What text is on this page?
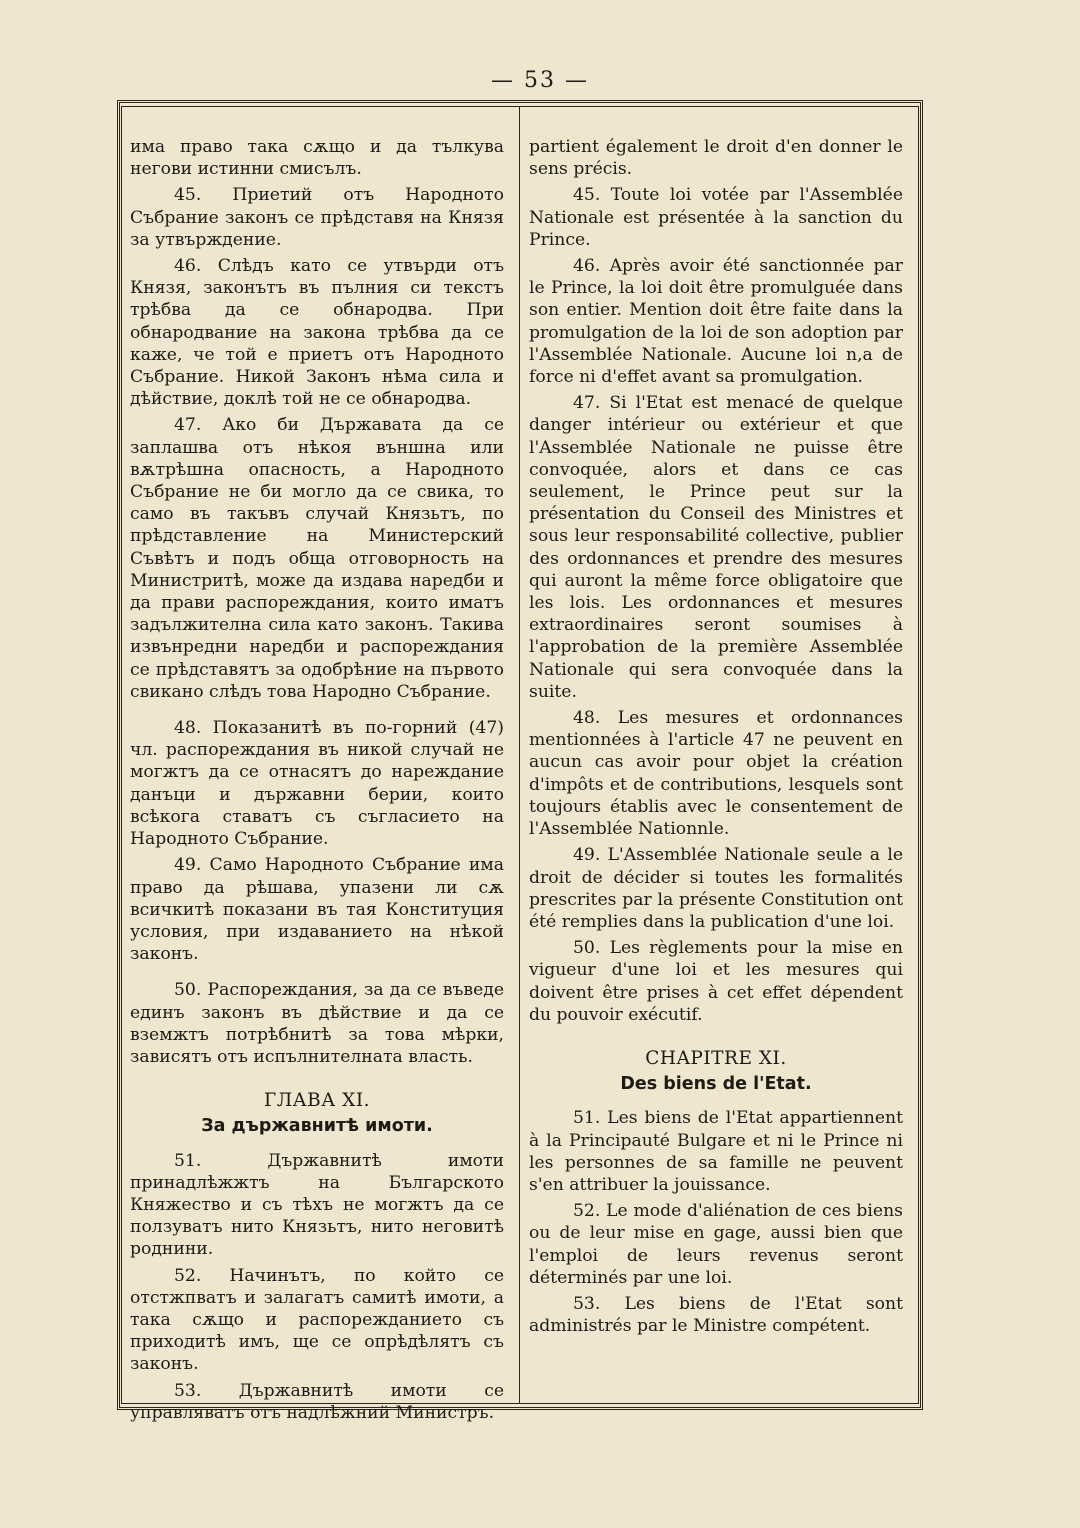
— 53 —

има право така сѫщо и да тълкува негови истинни смисълъ.

45. Приетий отъ Народното Събрание законъ се прѣдставя на Князя за утвърждение.

46. Слѣдъ като се утвърди отъ Князя, законътъ въ пълния си текстъ трѣбва да се обнародва. При обнародвание на закона трѣбва да се каже, че той е приетъ отъ Народното Събрание. Никой Законъ нѣма сила и дѣйствие, доклѣ той не се обнародва.

47. Ако би Държавата да се заплашва отъ нѣкоя външна или вѫтрѣшна опасность, а Народното Събрание не би могло да се свика, то само въ такъвъ случай Князьтъ, по прѣдставление на Министерский Съвѣтъ и подъ обща отговорность на Министритѣ, може да издава наредби и да прави распореждания, които иматъ задължителна сила като законъ. Такива извънредни наредби и распореждания се прѣдставятъ за одобрѣние на първото свикано слѣдъ това Народно Събрание.

48. Показанитѣ въ по-горний (47) чл. распореждания въ никой случай не могжтъ да се отнасятъ до нареждание данъци и държавни берии, които всѣкога ставатъ съ съгласието на Народното Събрание.

49. Само Народното Събрание има право да рѣшава, упазени ли сѫ всичкитѣ показани въ тая Конституция условия, при издаванието на нѣкой законъ.

50. Распореждания, за да се въведе единъ законъ въ дѣйствие и да се вземжтъ потрѣбнитѣ за това мѣрки, зависятъ отъ испълнителната власть.

ГЛАВА XI.
За държавнитѣ имоти.

51. Държавнитѣ имоти принадлѣжжтъ на Българското Княжество и съ тѣхъ не могжтъ да се ползуватъ нито Князьтъ, нито неговитѣ роднини.

52. Начинътъ, по който се отстжпватъ и залагатъ самитѣ имоти, а така сѫщо и распорежданието съ приходитѣ имъ, ще се опрѣдѣлятъ съ законъ.

53. Държавнитѣ имоти се управляватъ отъ надлѣжний Министръ.

partient également le droit d'en donner le sens précis.

45. Toute loi votée par l'Assemblée Nationale est présentée à la sanction du Prince.

46. Après avoir été sanctionnée par le Prince, la loi doit être promulguée dans son entier. Mention doit être faite dans la promulgation de la loi de son adoption par l'Assemblée Nationale. Aucune loi n,a de force ni d'effet avant sa promulgation.

47. Si l'Etat est menacé de quelque danger intérieur ou extérieur et que l'Assemblée Nationale ne puisse être convoquée, alors et dans ce cas seulement, le Prince peut sur la présentation du Conseil des Ministres et sous leur responsabilité collective, publier des ordonnances et prendre des mesures qui auront la même force obligatoire que les lois. Les ordonnances et mesures extraordinaires seront soumises à l'approbation de la première Assemblée Nationale qui sera convoquée dans la suite.

48. Les mesures et ordonnances mentionnées à l'article 47 ne peuvent en aucun cas avoir pour objet la création d'impôts et de contributions, lesquels sont toujours établis avec le consentement de l'Assemblée Nationnle.

49. L'Assemblée Nationale seule a le droit de décider si toutes les formalités prescrites par la présente Constitution ont été remplies dans la publication d'une loi.

50. Les règlements pour la mise en vigueur d'une loi et les mesures qui doivent être prises à cet effet dépendent du pouvoir exécutif.

CHAPITRE XI.
Des biens de l'Etat.

51. Les biens de l'Etat appartiennent à la Principauté Bulgare et ni le Prince ni les personnes de sa famille ne peuvent s'en attribuer la jouissance.

52. Le mode d'aliénation de ces biens ou de leur mise en gage, aussi bien que l'emploi de leurs revenus seront déterminés par une loi.

53. Les biens de l'Etat sont administrés par le Ministre compétent.
